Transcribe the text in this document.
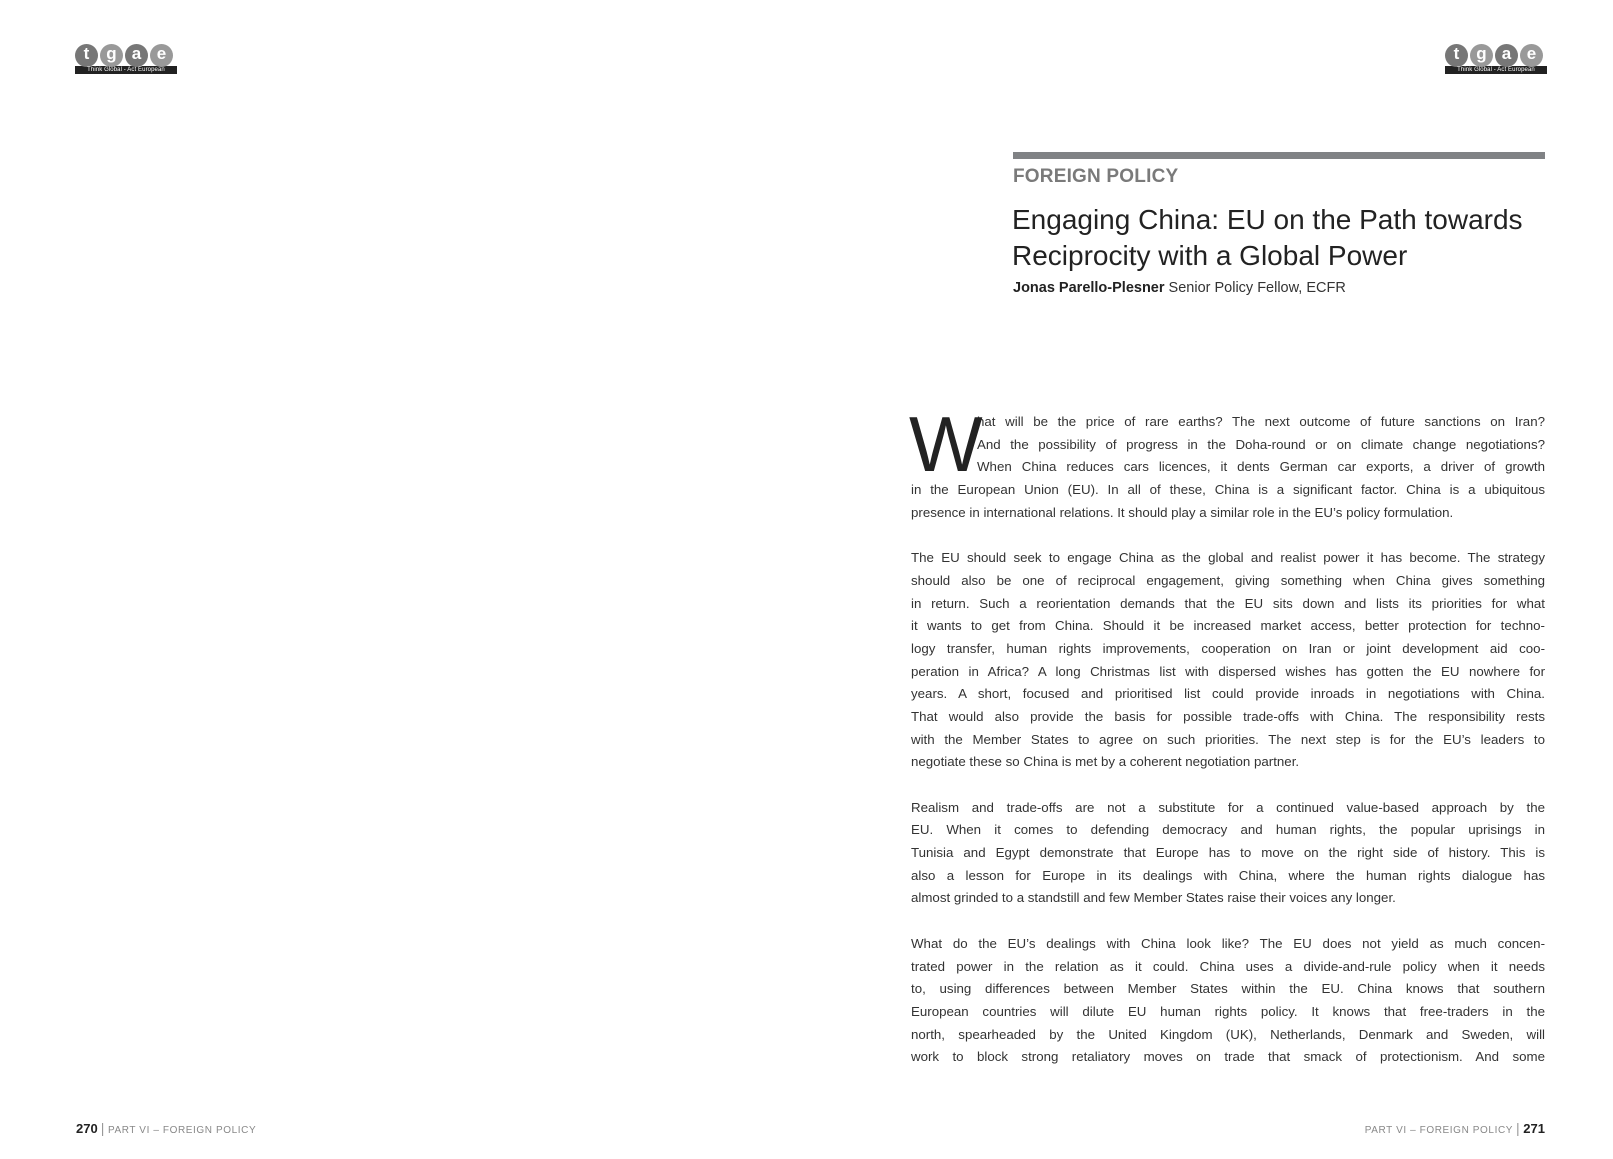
t g a e
Think Global - Act European
t g a e
Think Global - Act European
FOREIGN POLICY
Engaging China: EU on the Path towards
Reciprocity with a Global Power
Jonas Parello-Plesner Senior Policy Fellow, ECFR
W
hat will be the price of rare earths? The next outcome of future sanctions on Iran?
And the possibility of progress in the Doha-round or on climate change negotiations?
When China reduces cars licences, it dents German car exports, a driver of growth
in the European Union (EU). In all of these, China is a significant factor. China is a ubiquitous
presence in international relations. It should play a similar role in the EU’s policy formulation.
The EU should seek to engage China as the global and realist power it has become. The strategy
should also be one of reciprocal engagement, giving something when China gives something
in return. Such a reorientation demands that the EU sits down and lists its priorities for what
it wants to get from China. Should it be increased market access, better protection for techno-
logy transfer, human rights improvements, cooperation on Iran or joint development aid coo-
peration in Africa? A long Christmas list with dispersed wishes has gotten the EU nowhere for
years. A short, focused and prioritised list could provide inroads in negotiations with China.
That would also provide the basis for possible trade-offs with China. The responsibility rests
with the Member States to agree on such priorities. The next step is for the EU’s leaders to
negotiate these so China is met by a coherent negotiation partner.
Realism and trade-offs are not a substitute for a continued value-based approach by the
EU. When it comes to defending democracy and human rights, the popular uprisings in
Tunisia and Egypt demonstrate that Europe has to move on the right side of history. This is
also a lesson for Europe in its dealings with China, where the human rights dialogue has
almost grinded to a standstill and few Member States raise their voices any longer.
What do the EU’s dealings with China look like? The EU does not yield as much concen-
trated power in the relation as it could. China uses a divide-and-rule policy when it needs
to, using differences between Member States within the EU. China knows that southern
European countries will dilute EU human rights policy. It knows that free-traders in the
north, spearheaded by the United Kingdom (UK), Netherlands, Denmark and Sweden, will
work to block strong retaliatory moves on trade that smack of protectionism. And some
270 | PART VI – FOREIGN POLICY	PART VI – FOREIGN POLICY | 271
